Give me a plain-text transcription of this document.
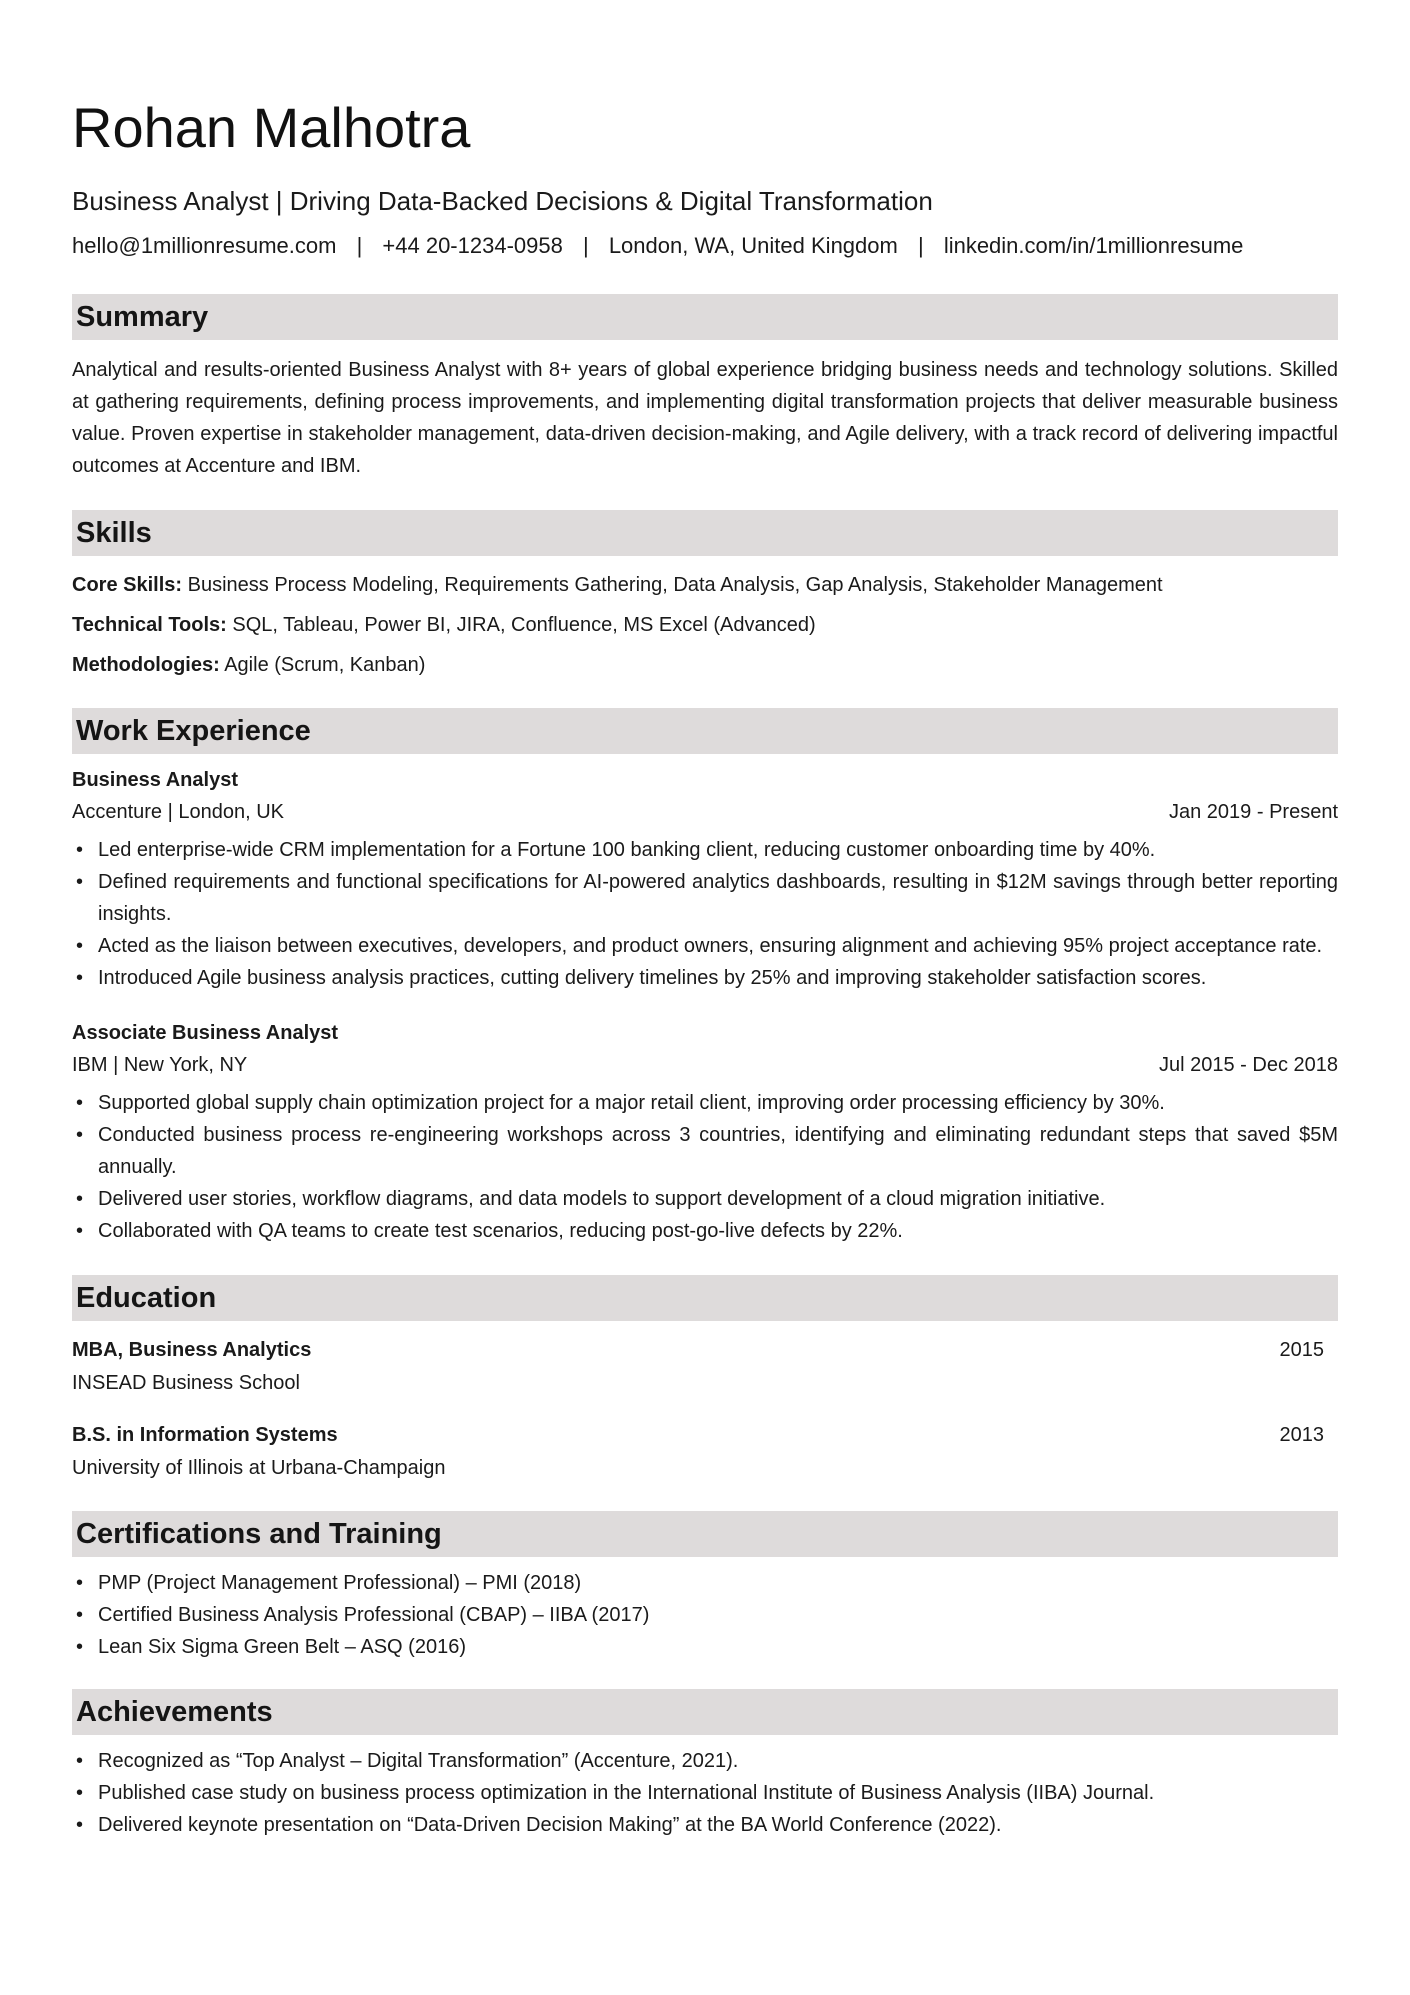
Rohan Malhotra
Business Analyst | Driving Data-Backed Decisions & Digital Transformation
hello@1millionresume.com | +44 20-1234-0958 | London, WA, United Kingdom | linkedin.com/in/1millionresume
Summary

Analytical and results-oriented Business Analyst with 8+ years of global experience bridging business needs and technology solutions. Skilled at gathering requirements, defining process improvements, and implementing digital transformation projects that deliver measurable business value. Proven expertise in stakeholder management, data-driven decision-making, and Agile delivery, with a track record of delivering impactful outcomes at Accenture and IBM.

Skills
Core Skills: Business Process Modeling, Requirements Gathering, Data Analysis, Gap Analysis, Stakeholder Management
Technical Tools: SQL, Tableau, Power BI, JIRA, Confluence, MS Excel (Advanced)
Methodologies: Agile (Scrum, Kanban)
Work Experience
Business Analyst
Accenture | London, UK	Jan 2019 - Present
• Led enterprise-wide CRM implementation for a Fortune 100 banking client, reducing customer onboarding time by 40%.
• Defined requirements and functional specifications for AI-powered analytics dashboards, resulting in $12M savings through better reporting insights.
• Acted as the liaison between executives, developers, and product owners, ensuring alignment and achieving 95% project acceptance rate.
• Introduced Agile business analysis practices, cutting delivery timelines by 25% and improving stakeholder satisfaction scores.
Associate Business Analyst
IBM | New York, NY	Jul 2015 - Dec 2018
• Supported global supply chain optimization project for a major retail client, improving order processing efficiency by 30%.
• Conducted business process re-engineering workshops across 3 countries, identifying and eliminating redundant steps that saved $5M annually.
• Delivered user stories, workflow diagrams, and data models to support development of a cloud migration initiative.
• Collaborated with QA teams to create test scenarios, reducing post-go-live defects by 22%.
Education
MBA, Business Analytics	2015
INSEAD Business School
B.S. in Information Systems	2013
University of Illinois at Urbana-Champaign
Certifications and Training
• PMP (Project Management Professional) – PMI (2018)
• Certified Business Analysis Professional (CBAP) – IIBA (2017)
• Lean Six Sigma Green Belt – ASQ (2016)
Achievements
• Recognized as “Top Analyst – Digital Transformation” (Accenture, 2021).
• Published case study on business process optimization in the International Institute of Business Analysis (IIBA) Journal.
• Delivered keynote presentation on “Data-Driven Decision Making” at the BA World Conference (2022).
